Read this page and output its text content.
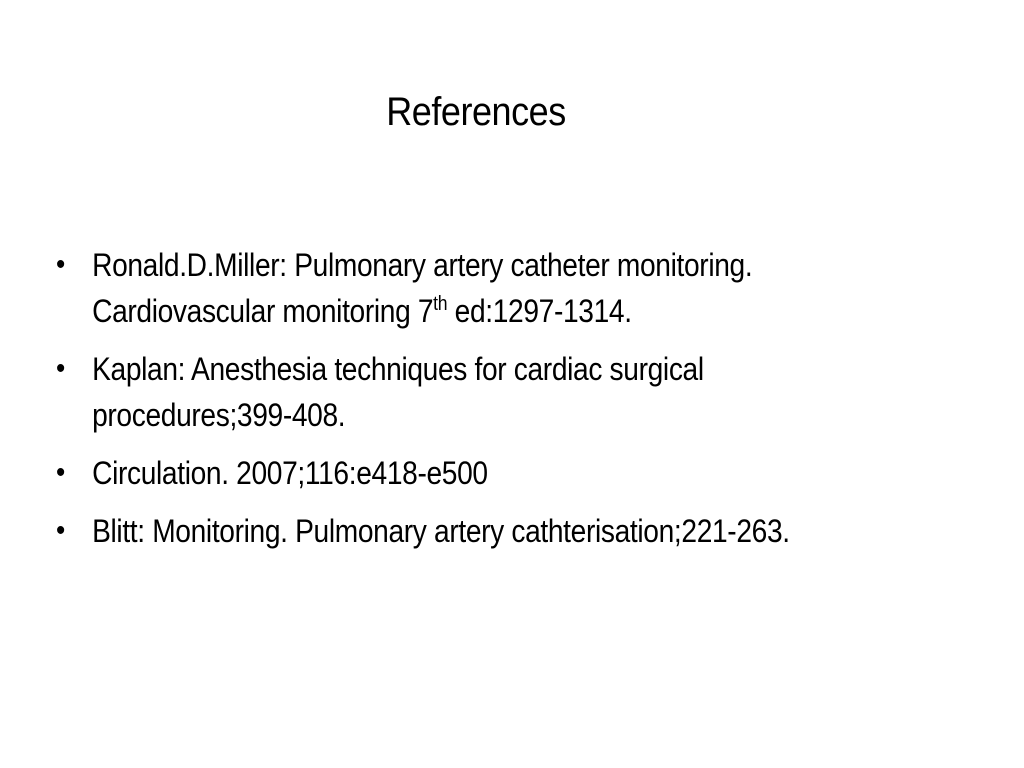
References
• Ronald.D.Miller: Pulmonary artery catheter monitoring.
Cardiovascular monitoring 7th ed:1297-1314.
• Kaplan: Anesthesia techniques for cardiac surgical
procedures;399-408.
• Circulation. 2007;116:e418-e500
• Blitt: Monitoring. Pulmonary artery cathterisation;221-263.
